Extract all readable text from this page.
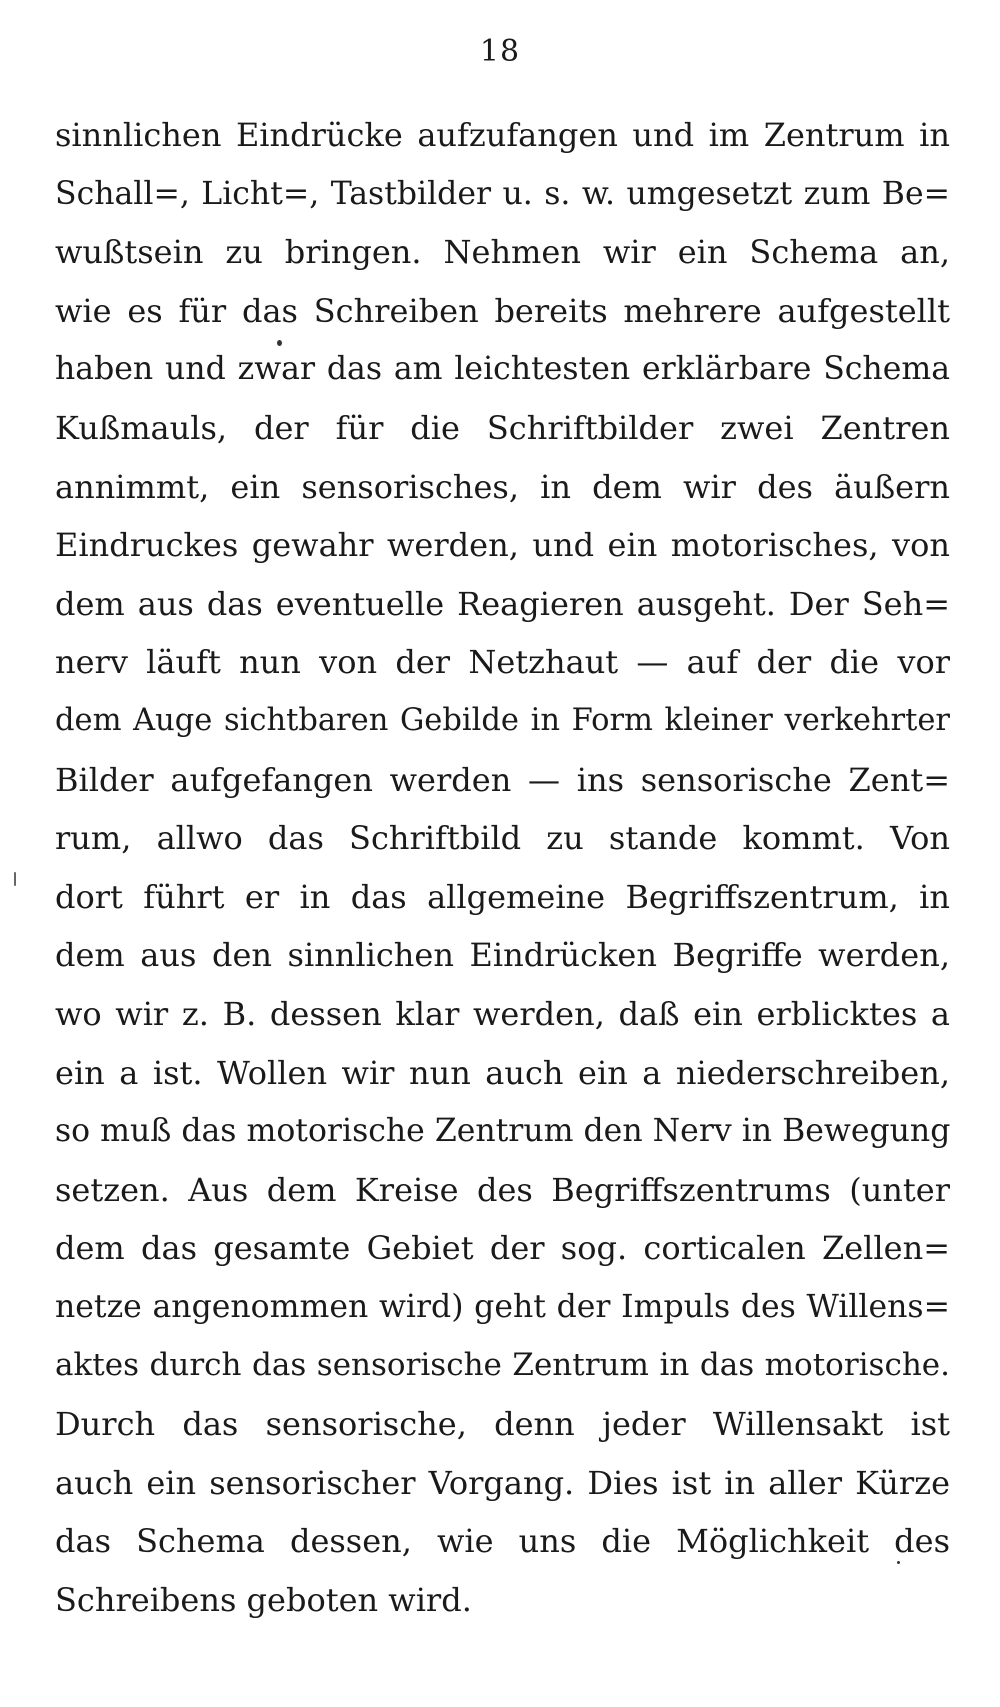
18
sinnlichen Eindrücke aufzufangen und im Zentrum in
Schall=, Licht=, Tastbilder u. s. w. umgesetzt zum Be=
wußtsein zu bringen. Nehmen wir ein Schema an,
wie es für das Schreiben bereits mehrere aufgestellt
haben und zwar das am leichtesten erklärbare Schema
Kußmauls, der für die Schriftbilder zwei Zentren
annimmt, ein sensorisches, in dem wir des äußern
Eindruckes gewahr werden, und ein motorisches, von
dem aus das eventuelle Reagieren ausgeht. Der Seh=
nerv läuft nun von der Netzhaut — auf der die vor
dem Auge sichtbaren Gebilde in Form kleiner verkehrter
Bilder aufgefangen werden — ins sensorische Zent=
rum, allwo das Schriftbild zu stande kommt. Von
dort führt er in das allgemeine Begriffszentrum, in
dem aus den sinnlichen Eindrücken Begriffe werden,
wo wir z. B. dessen klar werden, daß ein erblicktes a
ein a ist. Wollen wir nun auch ein a niederschreiben,
so muß das motorische Zentrum den Nerv in Bewegung
setzen. Aus dem Kreise des Begriffszentrums (unter
dem das gesamte Gebiet der sog. corticalen Zellen=
netze angenommen wird) geht der Impuls des Willens=
aktes durch das sensorische Zentrum in das motorische.
Durch das sensorische, denn jeder Willensakt ist
auch ein sensorischer Vorgang. Dies ist in aller Kürze
das Schema dessen, wie uns die Möglichkeit des
Schreibens geboten wird.
